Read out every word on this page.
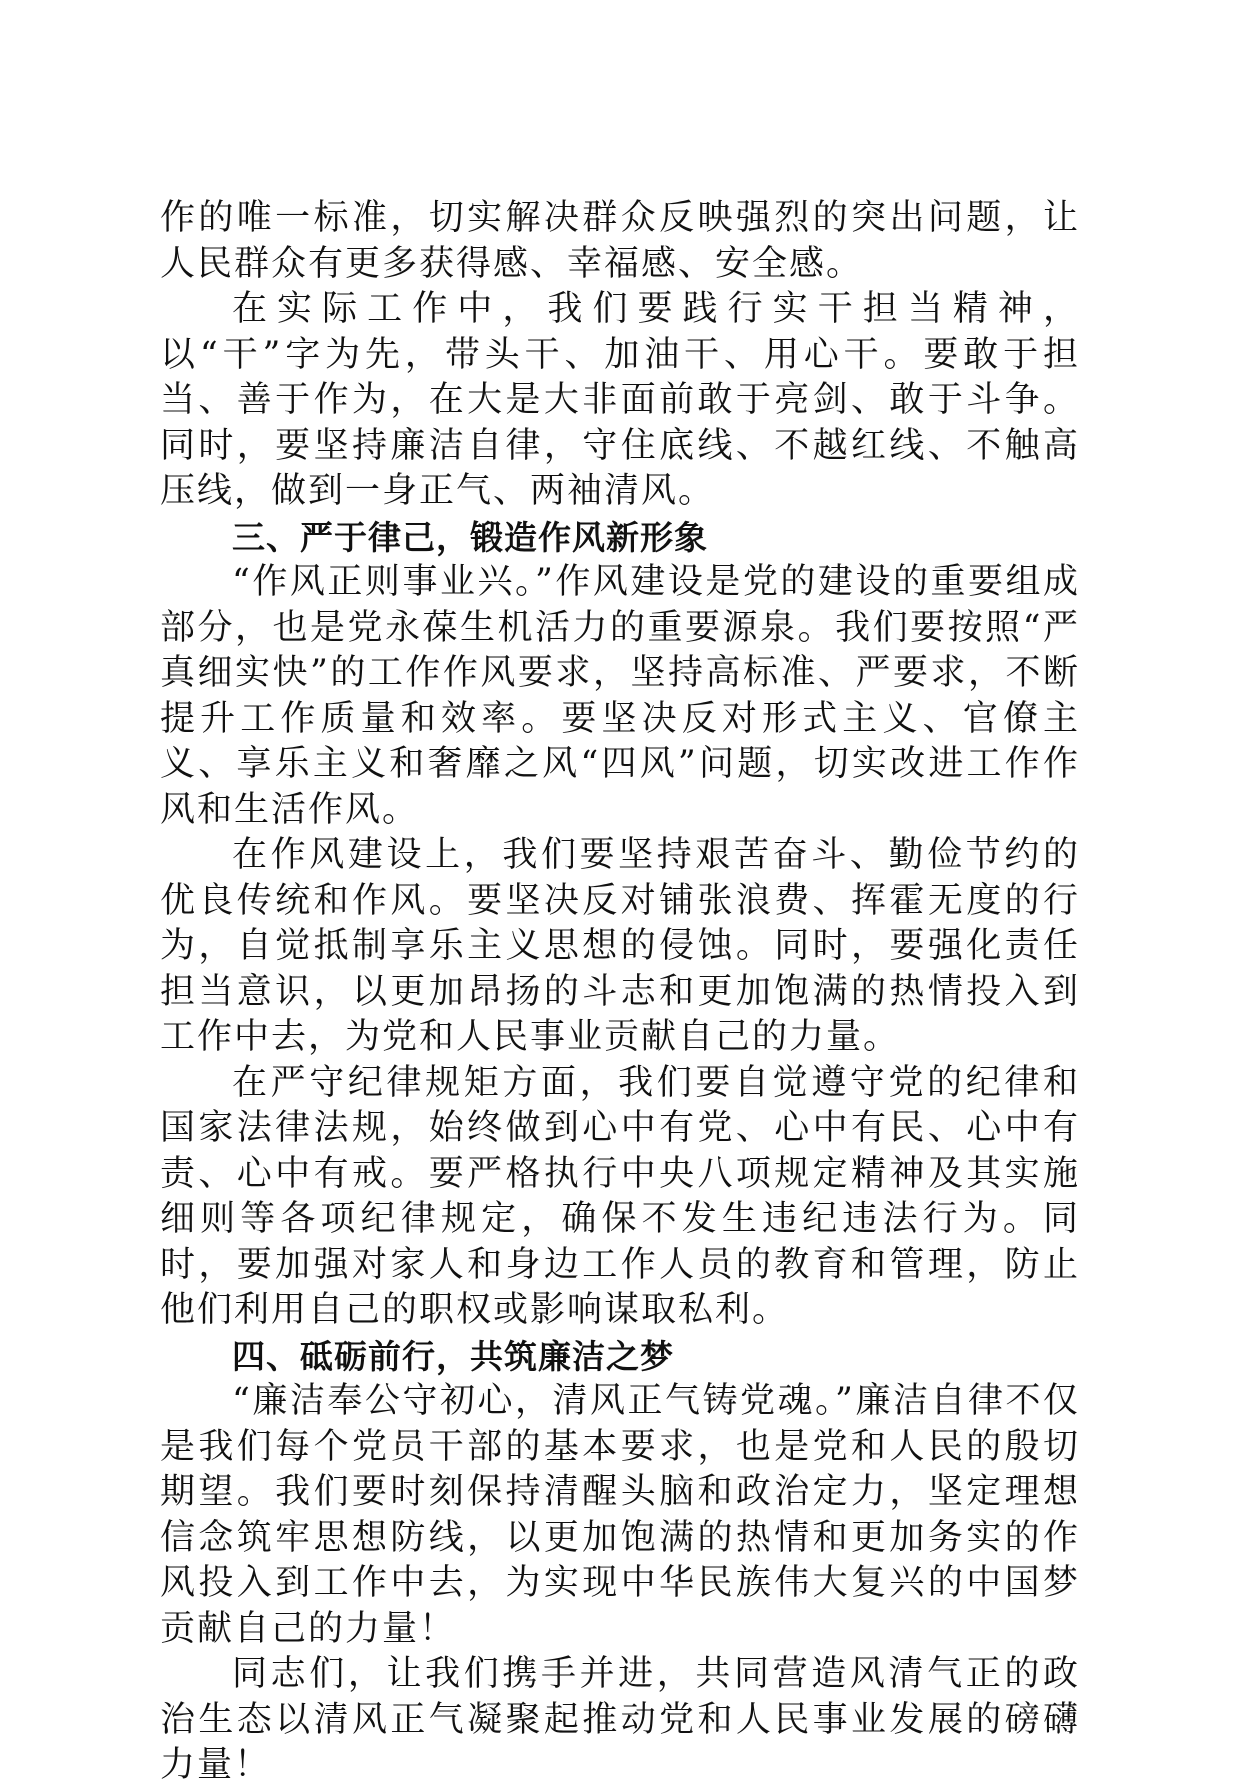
作的唯一标准，切实解决群众反映强烈的突出问题，让人民群众有更多获得感、幸福感、安全感。

在实际工作中，我们要践行实干担当精神，以“干”字为先，带头干、加油干、用心干。要敢于担当、善于作为，在大是大非面前敢于亮剑、敢于斗争。同时，要坚持廉洁自律，守住底线、不越红线、不触高压线，做到一身正气、两袖清风。

三、严于律己，锻造作风新形象

“作风正则事业兴。”作风建设是党的建设的重要组成部分，也是党永葆生机活力的重要源泉。我们要按照“严真细实快”的工作作风要求，坚持高标准、严要求，不断提升工作质量和效率。要坚决反对形式主义、官僚主义、享乐主义和奢靡之风“四风”问题，切实改进工作作风和生活作风。

在作风建设上，我们要坚持艰苦奋斗、勤俭节约的优良传统和作风。要坚决反对铺张浪费、挥霍无度的行为，自觉抵制享乐主义思想的侵蚀。同时，要强化责任担当意识，以更加昂扬的斗志和更加饱满的热情投入到工作中去，为党和人民事业贡献自己的力量。

在严守纪律规矩方面，我们要自觉遵守党的纪律和国家法律法规，始终做到心中有党、心中有民、心中有责、心中有戒。要严格执行中央八项规定精神及其实施细则等各项纪律规定，确保不发生违纪违法行为。同时，要加强对家人和身边工作人员的教育和管理，防止他们利用自己的职权或影响谋取私利。

四、砥砺前行，共筑廉洁之梦

“廉洁奉公守初心，清风正气铸党魂。”廉洁自律不仅是我们每个党员干部的基本要求，也是党和人民的殷切期望。我们要时刻保持清醒头脑和政治定力，坚定理想信念筑牢思想防线，以更加饱满的热情和更加务实的作风投入到工作中去，为实现中华民族伟大复兴的中国梦贡献自己的力量！

同志们，让我们携手并进，共同营造风清气正的政治生态以清风正气凝聚起推动党和人民事业发展的磅礴力量！
